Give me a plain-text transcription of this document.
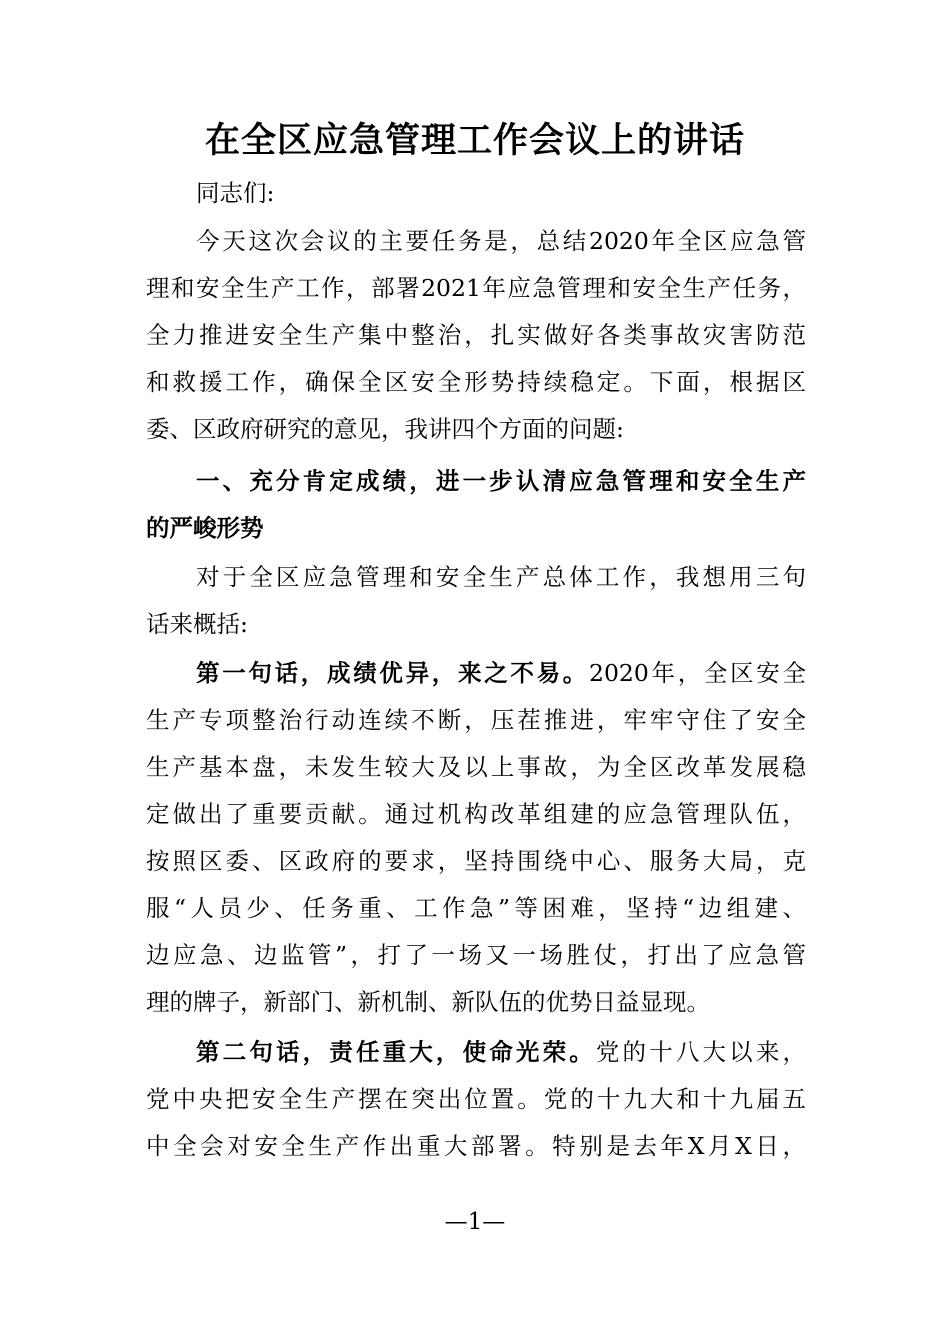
在全区应急管理工作会议上的讲话
同志们:
今天这次会议的主要任务是，总结2020年全区应急管
理和安全生产工作，部署2021年应急管理和安全生产任务，
全力推进安全生产集中整治，扎实做好各类事故灾害防范
和救援工作，确保全区安全形势持续稳定。下面，根据区
委、区政府研究的意见，我讲四个方面的问题:
一、充分肯定成绩，进一步认清应急管理和安全生产
的严峻形势
对于全区应急管理和安全生产总体工作，我想用三句
话来概括:
第一句话，成绩优异，来之不易。2020年，全区安全
生产专项整治行动连续不断，压茬推进，牢牢守住了安全
生产基本盘，未发生较大及以上事故，为全区改革发展稳
定做出了重要贡献。通过机构改革组建的应急管理队伍，
按照区委、区政府的要求，坚持围绕中心、服务大局，克
服“人员少、任务重、工作急”等困难，坚持“边组建、
边应急、边监管”，打了一场又一场胜仗，打出了应急管
理的牌子，新部门、新机制、新队伍的优势日益显现。
第二句话，责任重大，使命光荣。党的十八大以来，
党中央把安全生产摆在突出位置。党的十九大和十九届五
中全会对安全生产作出重大部署。特别是去年X月X日，
—1—
